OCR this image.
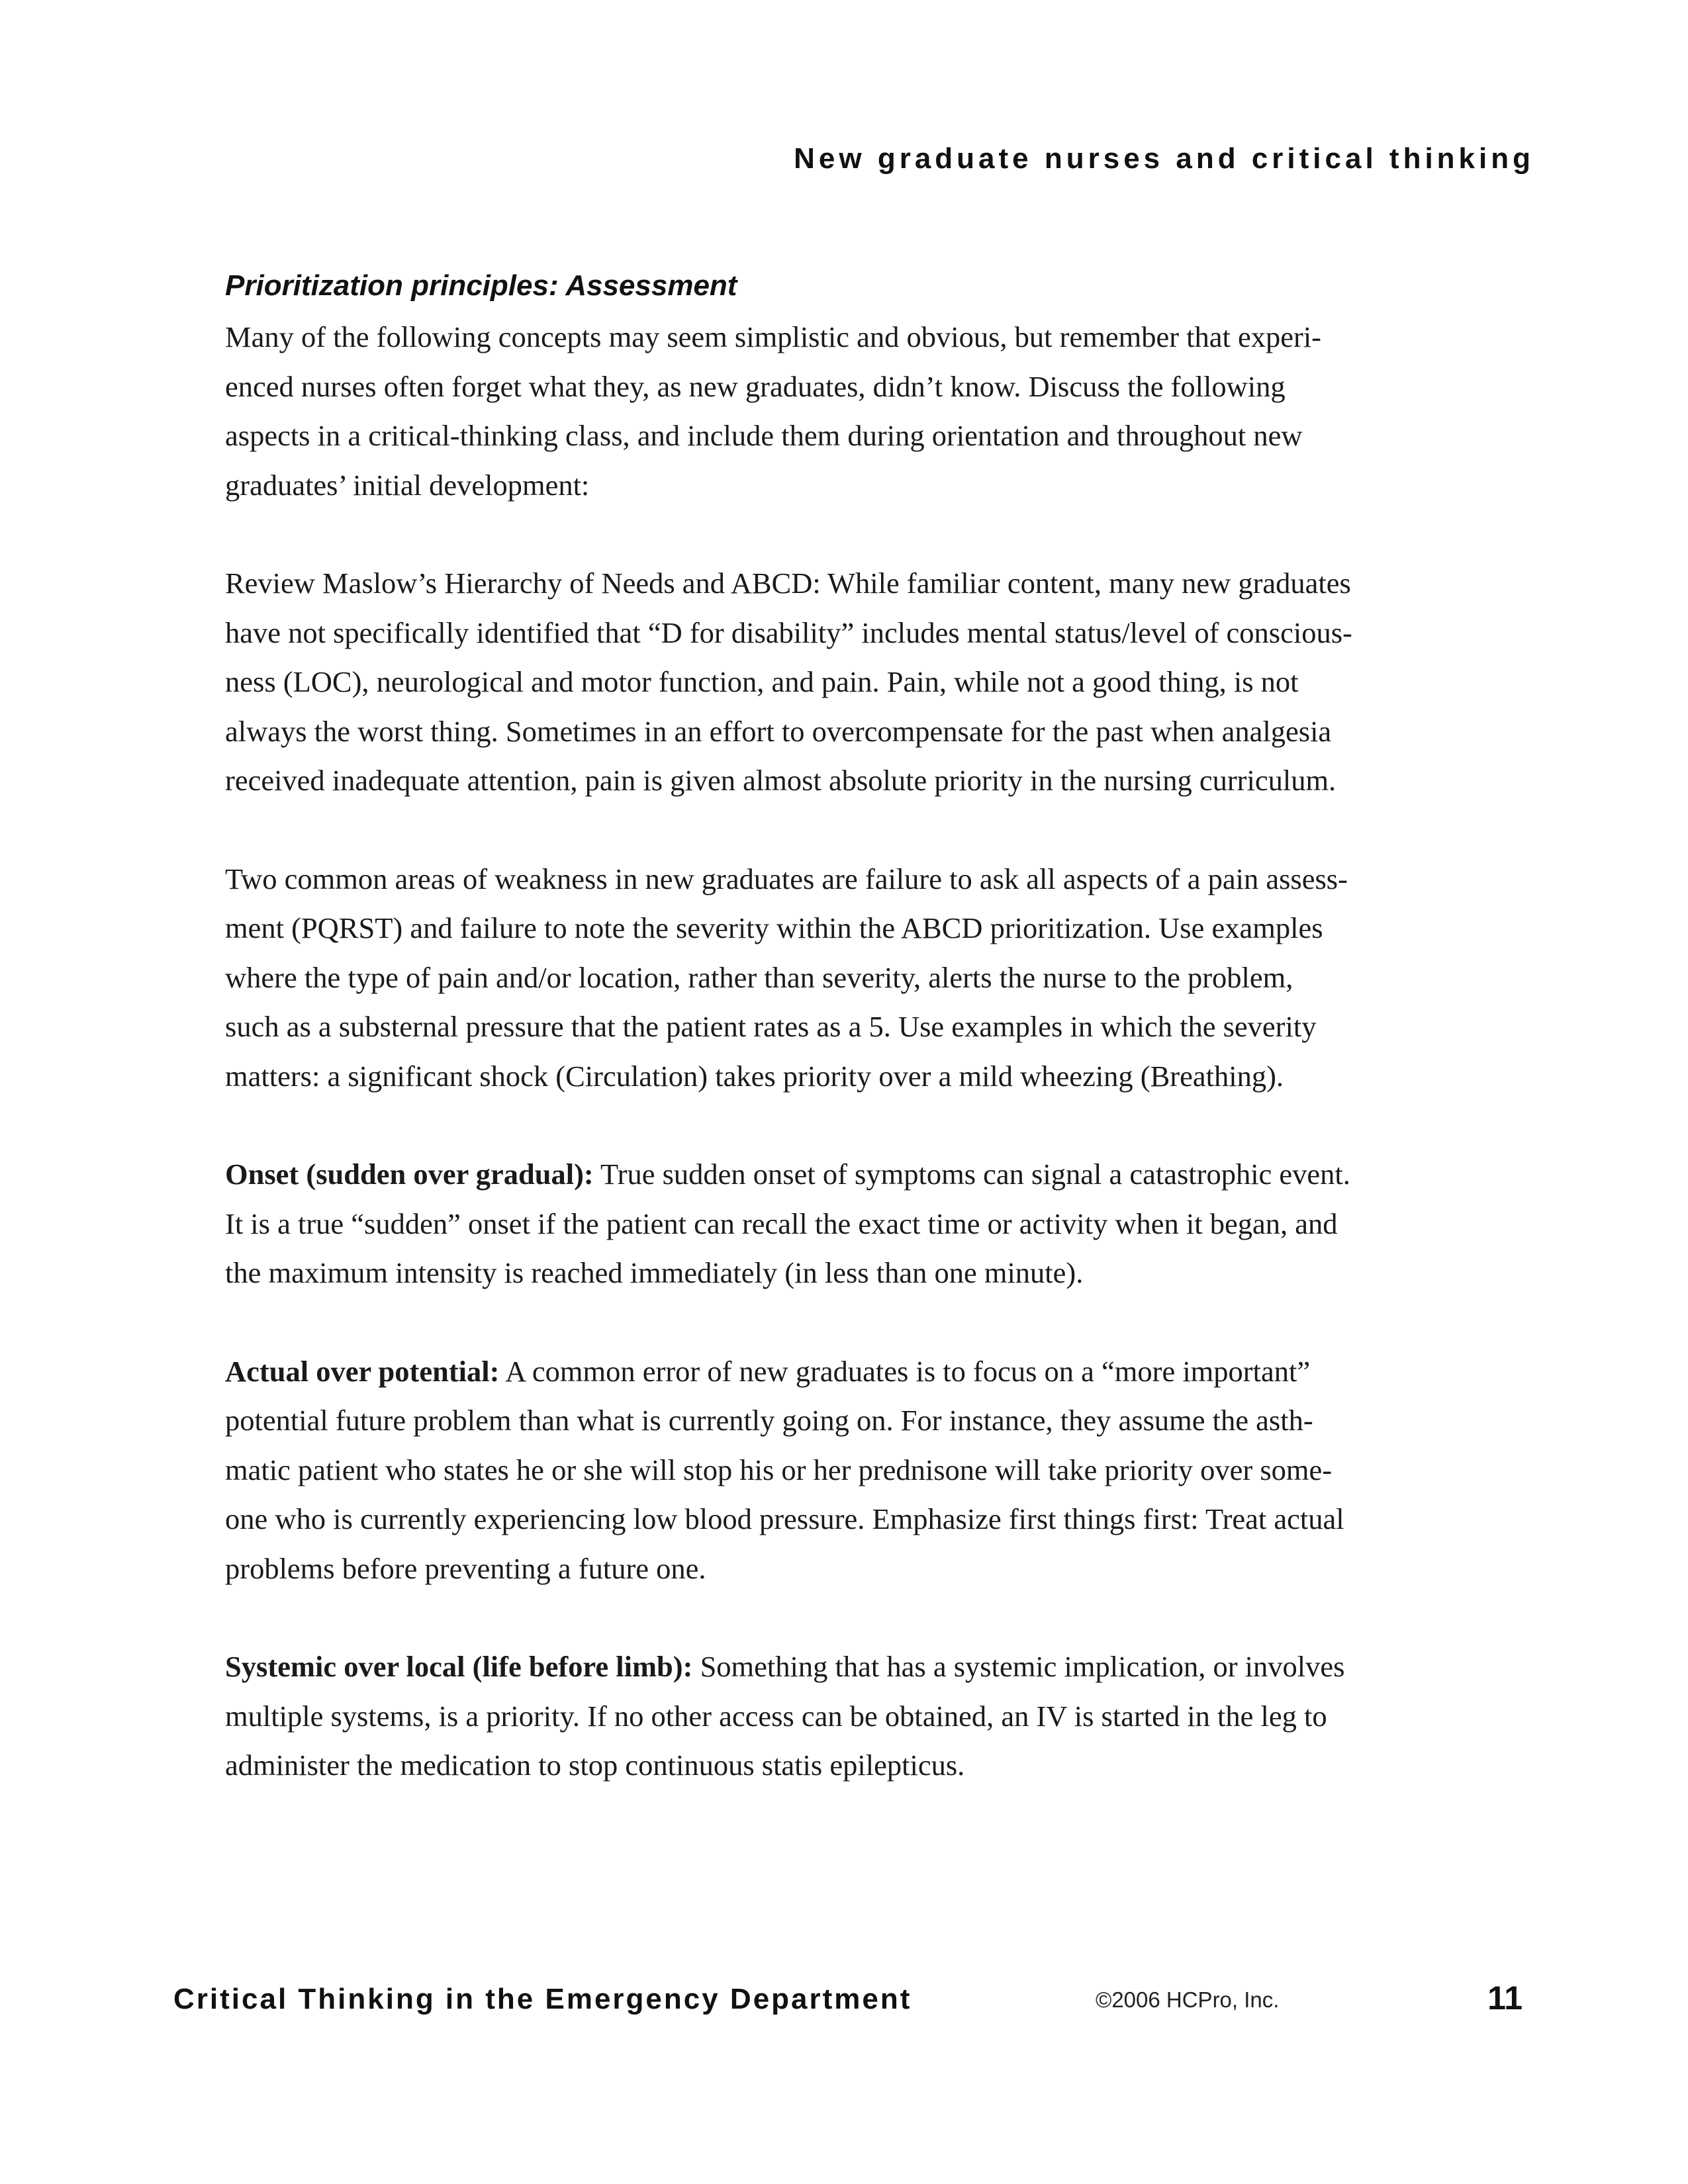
New graduate nurses and critical thinking
Prioritization principles: Assessment
Many of the following concepts may seem simplistic and obvious, but remember that experi-
enced nurses often forget what they, as new graduates, didn’t know. Discuss the following
aspects in a critical-thinking class, and include them during orientation and throughout new
graduates’ initial development:
Review Maslow’s Hierarchy of Needs and ABCD: While familiar content, many new graduates
have not specifically identified that “D for disability” includes mental status/level of conscious-
ness (LOC), neurological and motor function, and pain. Pain, while not a good thing, is not
always the worst thing. Sometimes in an effort to overcompensate for the past when analgesia
received inadequate attention, pain is given almost absolute priority in the nursing curriculum.
Two common areas of weakness in new graduates are failure to ask all aspects of a pain assess-
ment (PQRST) and failure to note the severity within the ABCD prioritization. Use examples
where the type of pain and/or location, rather than severity, alerts the nurse to the problem,
such as a substernal pressure that the patient rates as a 5. Use examples in which the severity
matters: a significant shock (Circulation) takes priority over a mild wheezing (Breathing).
Onset (sudden over gradual): True sudden onset of symptoms can signal a catastrophic event.
It is a true “sudden” onset if the patient can recall the exact time or activity when it began, and
the maximum intensity is reached immediately (in less than one minute).
Actual over potential: A common error of new graduates is to focus on a “more important”
potential future problem than what is currently going on. For instance, they assume the asth-
matic patient who states he or she will stop his or her prednisone will take priority over some-
one who is currently experiencing low blood pressure. Emphasize first things first: Treat actual
problems before preventing a future one.
Systemic over local (life before limb): Something that has a systemic implication, or involves
multiple systems, is a priority. If no other access can be obtained, an IV is started in the leg to
administer the medication to stop continuous statis epilepticus.
Critical Thinking in the Emergency Department	©2006 HCPro, Inc.	11
